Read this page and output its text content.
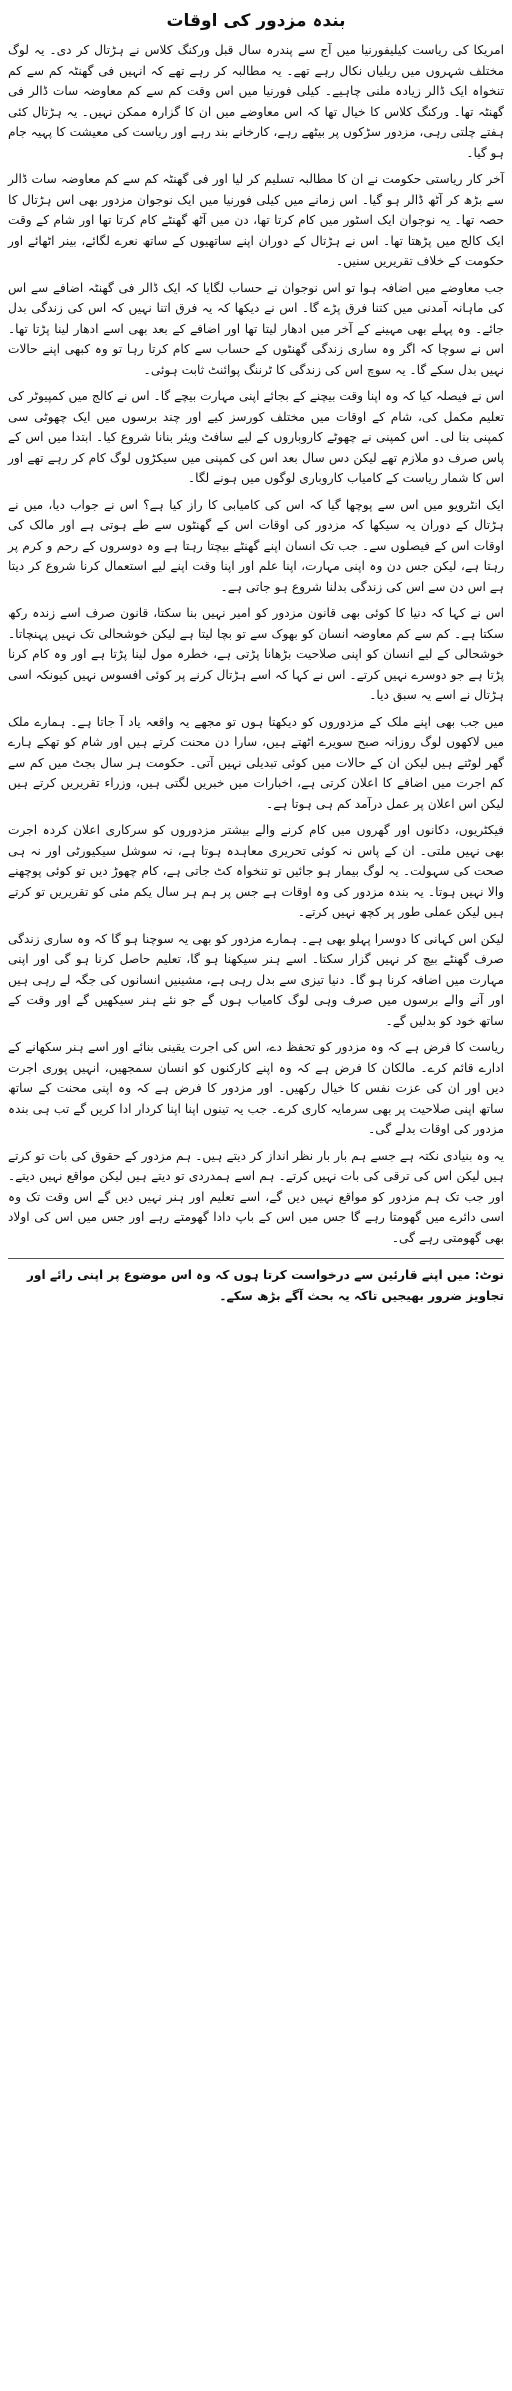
بندہ مزدور کی اوقات

امریکا کی ریاست کیلیفورنیا میں آج سے پندرہ سال قبل ورکنگ کلاس نے ہڑتال کر دی۔ یہ لوگ مختلف شہروں میں ریلیاں نکال رہے تھے۔ یہ مطالبہ کر رہے تھے کہ انہیں فی گھنٹہ کم سے کم تنخواہ ایک ڈالر زیادہ ملنی چاہیے۔ کیلی فورنیا میں اس وقت کم سے کم معاوضہ سات ڈالر فی گھنٹہ تھا۔ ورکنگ کلاس کا خیال تھا کہ اس معاوضے میں ان کا گزارہ ممکن نہیں۔ یہ ہڑتال کئی ہفتے چلتی رہی، مزدور سڑکوں پر بیٹھے رہے، کارخانے بند رہے اور ریاست کی معیشت کا پہیہ جام ہو گیا۔

آخر کار ریاستی حکومت نے ان کا مطالبہ تسلیم کر لیا اور فی گھنٹہ کم سے کم معاوضہ سات ڈالر سے بڑھ کر آٹھ ڈالر ہو گیا۔ اس زمانے میں کیلی فورنیا میں ایک نوجوان مزدور بھی اس ہڑتال کا حصہ تھا۔ یہ نوجوان ایک اسٹور میں کام کرتا تھا، دن میں آٹھ گھنٹے کام کرتا تھا اور شام کے وقت ایک کالج میں پڑھتا تھا۔ اس نے ہڑتال کے دوران اپنے ساتھیوں کے ساتھ نعرے لگائے، بینر اٹھائے اور حکومت کے خلاف تقریریں سنیں۔

جب معاوضے میں اضافہ ہوا تو اس نوجوان نے حساب لگایا کہ ایک ڈالر فی گھنٹہ اضافے سے اس کی ماہانہ آمدنی میں کتنا فرق پڑے گا۔ اس نے دیکھا کہ یہ فرق اتنا نہیں کہ اس کی زندگی بدل جائے۔ وہ پہلے بھی مہینے کے آخر میں ادھار لیتا تھا اور اضافے کے بعد بھی اسے ادھار لینا پڑتا تھا۔ اس نے سوچا کہ اگر وہ ساری زندگی گھنٹوں کے حساب سے کام کرتا رہا تو وہ کبھی اپنے حالات نہیں بدل سکے گا۔ یہ سوچ اس کی زندگی کا ٹرننگ پوائنٹ ثابت ہوئی۔

اس نے فیصلہ کیا کہ وہ اپنا وقت بیچنے کے بجائے اپنی مہارت بیچے گا۔ اس نے کالج میں کمپیوٹر کی تعلیم مکمل کی، شام کے اوقات میں مختلف کورسز کیے اور چند برسوں میں ایک چھوٹی سی کمپنی بنا لی۔ اس کمپنی نے چھوٹے کاروباروں کے لیے سافٹ ویئر بنانا شروع کیا۔ ابتدا میں اس کے پاس صرف دو ملازم تھے لیکن دس سال بعد اس کی کمپنی میں سیکڑوں لوگ کام کر رہے تھے اور اس کا شمار ریاست کے کامیاب کاروباری لوگوں میں ہونے لگا۔

ایک انٹرویو میں اس سے پوچھا گیا کہ اس کی کامیابی کا راز کیا ہے؟ اس نے جواب دیا، میں نے ہڑتال کے دوران یہ سیکھا کہ مزدور کی اوقات اس کے گھنٹوں سے طے ہوتی ہے اور مالک کی اوقات اس کے فیصلوں سے۔ جب تک انسان اپنے گھنٹے بیچتا رہتا ہے وہ دوسروں کے رحم و کرم پر رہتا ہے، لیکن جس دن وہ اپنی مہارت، اپنا علم اور اپنا وقت اپنے لیے استعمال کرنا شروع کر دیتا ہے اس دن سے اس کی زندگی بدلنا شروع ہو جاتی ہے۔

اس نے کہا کہ دنیا کا کوئی بھی قانون مزدور کو امیر نہیں بنا سکتا، قانون صرف اسے زندہ رکھ سکتا ہے۔ کم سے کم معاوضہ انسان کو بھوک سے تو بچا لیتا ہے لیکن خوشحالی تک نہیں پہنچاتا۔ خوشحالی کے لیے انسان کو اپنی صلاحیت بڑھانا پڑتی ہے، خطرہ مول لینا پڑتا ہے اور وہ کام کرنا پڑتا ہے جو دوسرے نہیں کرتے۔ اس نے کہا کہ اسے ہڑتال کرنے پر کوئی افسوس نہیں کیونکہ اسی ہڑتال نے اسے یہ سبق دیا۔

میں جب بھی اپنے ملک کے مزدوروں کو دیکھتا ہوں تو مجھے یہ واقعہ یاد آ جاتا ہے۔ ہمارے ملک میں لاکھوں لوگ روزانہ صبح سویرے اٹھتے ہیں، سارا دن محنت کرتے ہیں اور شام کو تھکے ہارے گھر لوٹتے ہیں لیکن ان کے حالات میں کوئی تبدیلی نہیں آتی۔ حکومت ہر سال بجٹ میں کم سے کم اجرت میں اضافے کا اعلان کرتی ہے، اخبارات میں خبریں لگتی ہیں، وزراء تقریریں کرتے ہیں لیکن اس اعلان پر عمل درآمد کم ہی ہوتا ہے۔

فیکٹریوں، دکانوں اور گھروں میں کام کرنے والے بیشتر مزدوروں کو سرکاری اعلان کردہ اجرت بھی نہیں ملتی۔ ان کے پاس نہ کوئی تحریری معاہدہ ہوتا ہے، نہ سوشل سیکیورٹی اور نہ ہی صحت کی سہولت۔ یہ لوگ بیمار ہو جائیں تو تنخواہ کٹ جاتی ہے، کام چھوڑ دیں تو کوئی پوچھنے والا نہیں ہوتا۔ یہ بندہ مزدور کی وہ اوقات ہے جس پر ہم ہر سال یکم مئی کو تقریریں تو کرتے ہیں لیکن عملی طور پر کچھ نہیں کرتے۔

لیکن اس کہانی کا دوسرا پہلو بھی ہے۔ ہمارے مزدور کو بھی یہ سوچنا ہو گا کہ وہ ساری زندگی صرف گھنٹے بیچ کر نہیں گزار سکتا۔ اسے ہنر سیکھنا ہو گا، تعلیم حاصل کرنا ہو گی اور اپنی مہارت میں اضافہ کرنا ہو گا۔ دنیا تیزی سے بدل رہی ہے، مشینیں انسانوں کی جگہ لے رہی ہیں اور آنے والے برسوں میں صرف وہی لوگ کامیاب ہوں گے جو نئے ہنر سیکھیں گے اور وقت کے ساتھ خود کو بدلیں گے۔

ریاست کا فرض ہے کہ وہ مزدور کو تحفظ دے، اس کی اجرت یقینی بنائے اور اسے ہنر سکھانے کے ادارے قائم کرے۔ مالکان کا فرض ہے کہ وہ اپنے کارکنوں کو انسان سمجھیں، انہیں پوری اجرت دیں اور ان کی عزت نفس کا خیال رکھیں۔ اور مزدور کا فرض ہے کہ وہ اپنی محنت کے ساتھ ساتھ اپنی صلاحیت پر بھی سرمایہ کاری کرے۔ جب یہ تینوں اپنا اپنا کردار ادا کریں گے تب ہی بندہ مزدور کی اوقات بدلے گی۔

یہ وہ بنیادی نکتہ ہے جسے ہم بار بار نظر انداز کر دیتے ہیں۔ ہم مزدور کے حقوق کی بات تو کرتے ہیں لیکن اس کی ترقی کی بات نہیں کرتے۔ ہم اسے ہمدردی تو دیتے ہیں لیکن مواقع نہیں دیتے۔ اور جب تک ہم مزدور کو مواقع نہیں دیں گے، اسے تعلیم اور ہنر نہیں دیں گے اس وقت تک وہ اسی دائرے میں گھومتا رہے گا جس میں اس کے باپ دادا گھومتے رہے اور جس میں اس کی اولاد بھی گھومتی رہے گی۔

نوٹ: میں اپنے قارئین سے درخواست کرتا ہوں کہ وہ اس موضوع پر اپنی رائے اور تجاویز ضرور بھیجیں تاکہ یہ بحث آگے بڑھ سکے۔
